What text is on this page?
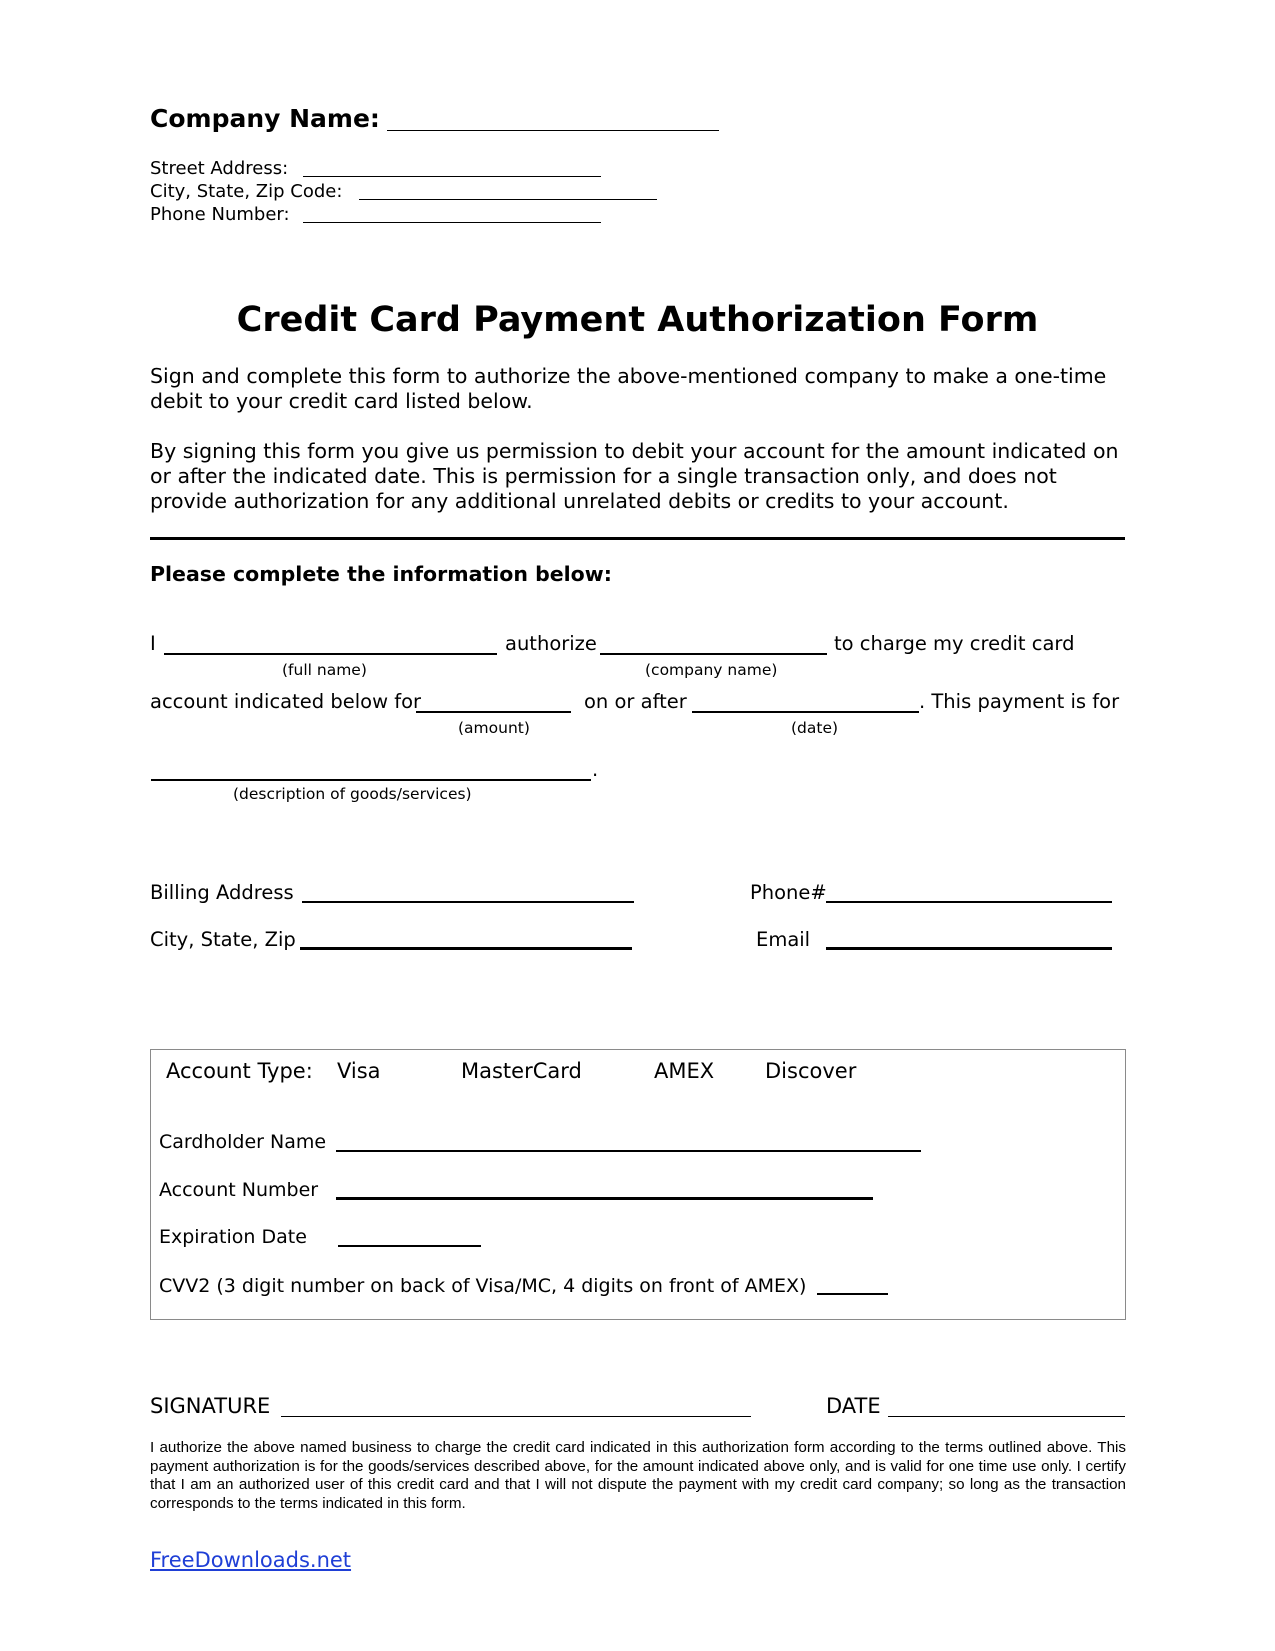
Company Name:
Street Address:
City, State, Zip Code:
Phone Number:
Credit Card Payment Authorization Form
Sign and complete this form to authorize the above-mentioned company to make a one-time debit to your credit card listed below.
By signing this form you give us permission to debit your account for the amount indicated on or after the indicated date. This is permission for a single transaction only, and does not provide authorization for any additional unrelated debits or credits to your account.
Please complete the information below:
I	authorize	to charge my credit card
(full name)	(company name)
account indicated below for	on or after	. This payment is for
(amount)	(date)
.
(description of goods/services)
Billing Address	Phone#
City, State, Zip	Email
Account Type: Visa	MasterCard	AMEX Discover
Cardholder Name
Account Number
Expiration Date
CVV2 (3 digit number on back of Visa/MC, 4 digits on front of AMEX)
SIGNATURE	DATE
I authorize the above named business to charge the credit card indicated in this authorization form according to the terms outlined above. This payment authorization is for the goods/services described above, for the amount indicated above only, and is valid for one time use only. I certify that I am an authorized user of this credit card and that I will not dispute the payment with my credit card company; so long as the transaction corresponds to the terms indicated in this form.
FreeDownloads.net
